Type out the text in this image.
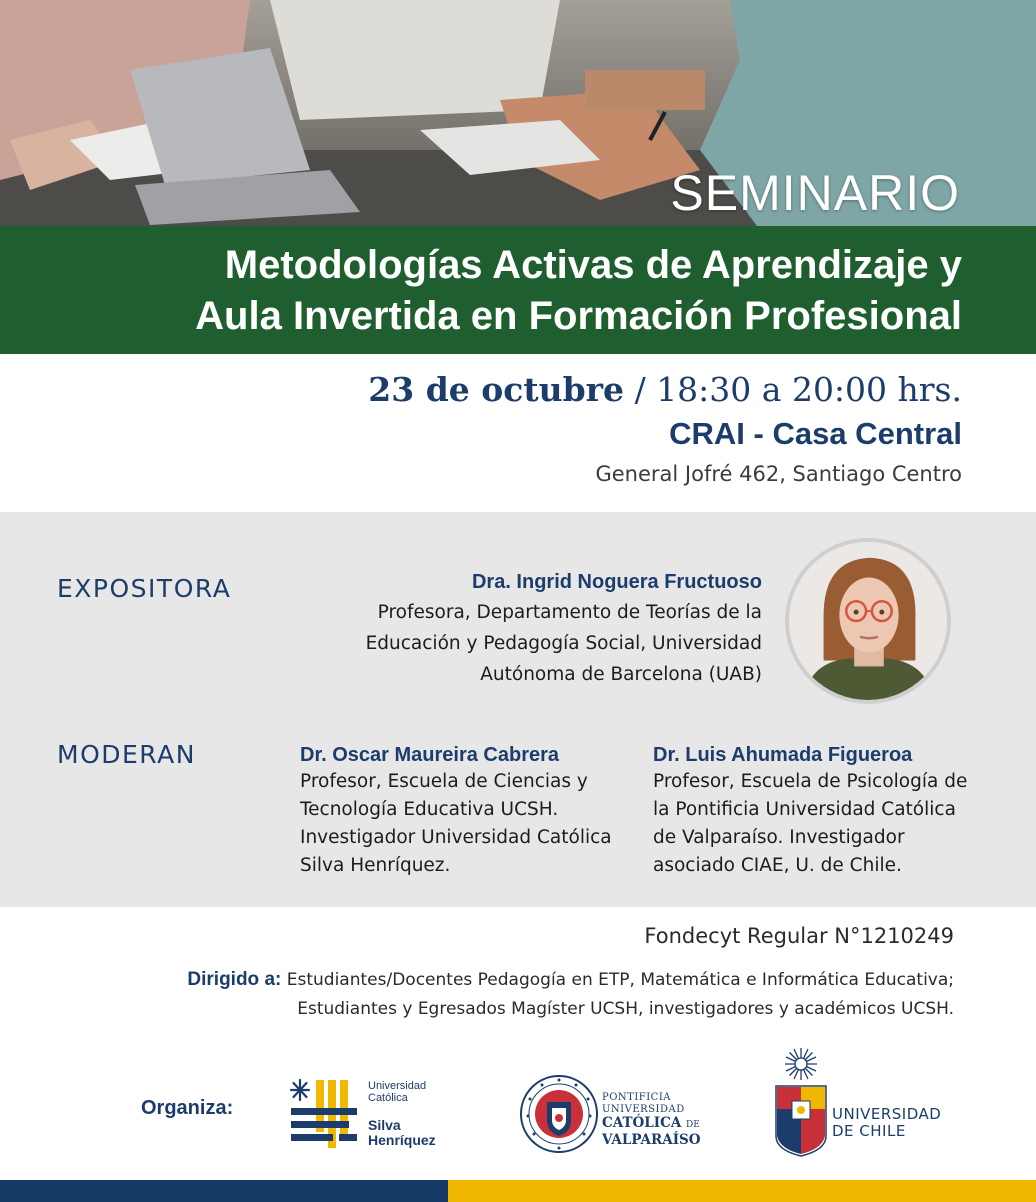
SEMINARIO
Metodologías Activas de Aprendizaje y
Aula Invertida en Formación Profesional
23 de octubre / 18:30 a 20:00 hrs.
CRAI - Casa Central
General Jofré 462, Santiago Centro
EXPOSITORA	Dra. Ingrid Noguera Fructuoso
Profesora, Departamento de Teorías de la
Educación y Pedagogía Social, Universidad
Autónoma de Barcelona (UAB)
MODERAN	Dr. Oscar Maureira Cabrera
Profesor, Escuela de Ciencias y
Tecnología Educativa UCSH.
Investigador Universidad Católica
Silva Henríquez.
Dr. Luis Ahumada Figueroa
Profesor, Escuela de Psicología de
la Pontificia Universidad Católica
de Valparaíso. Investigador
asociado CIAE, U. de Chile.
Fondecyt Regular N°1210249
Dirigido a: Estudiantes/Docentes Pedagogía en ETP, Matemática e Informática Educativa;
Estudiantes y Egresados Magíster UCSH, investigadores y académicos UCSH.
Organiza:
Universidad
Católica
Silva
Henríquez
PONTIFICIA
UNIVERSIDAD
CATÓLICA DE
VALPARAÍSO
UNIVERSIDAD
DE CHILE
